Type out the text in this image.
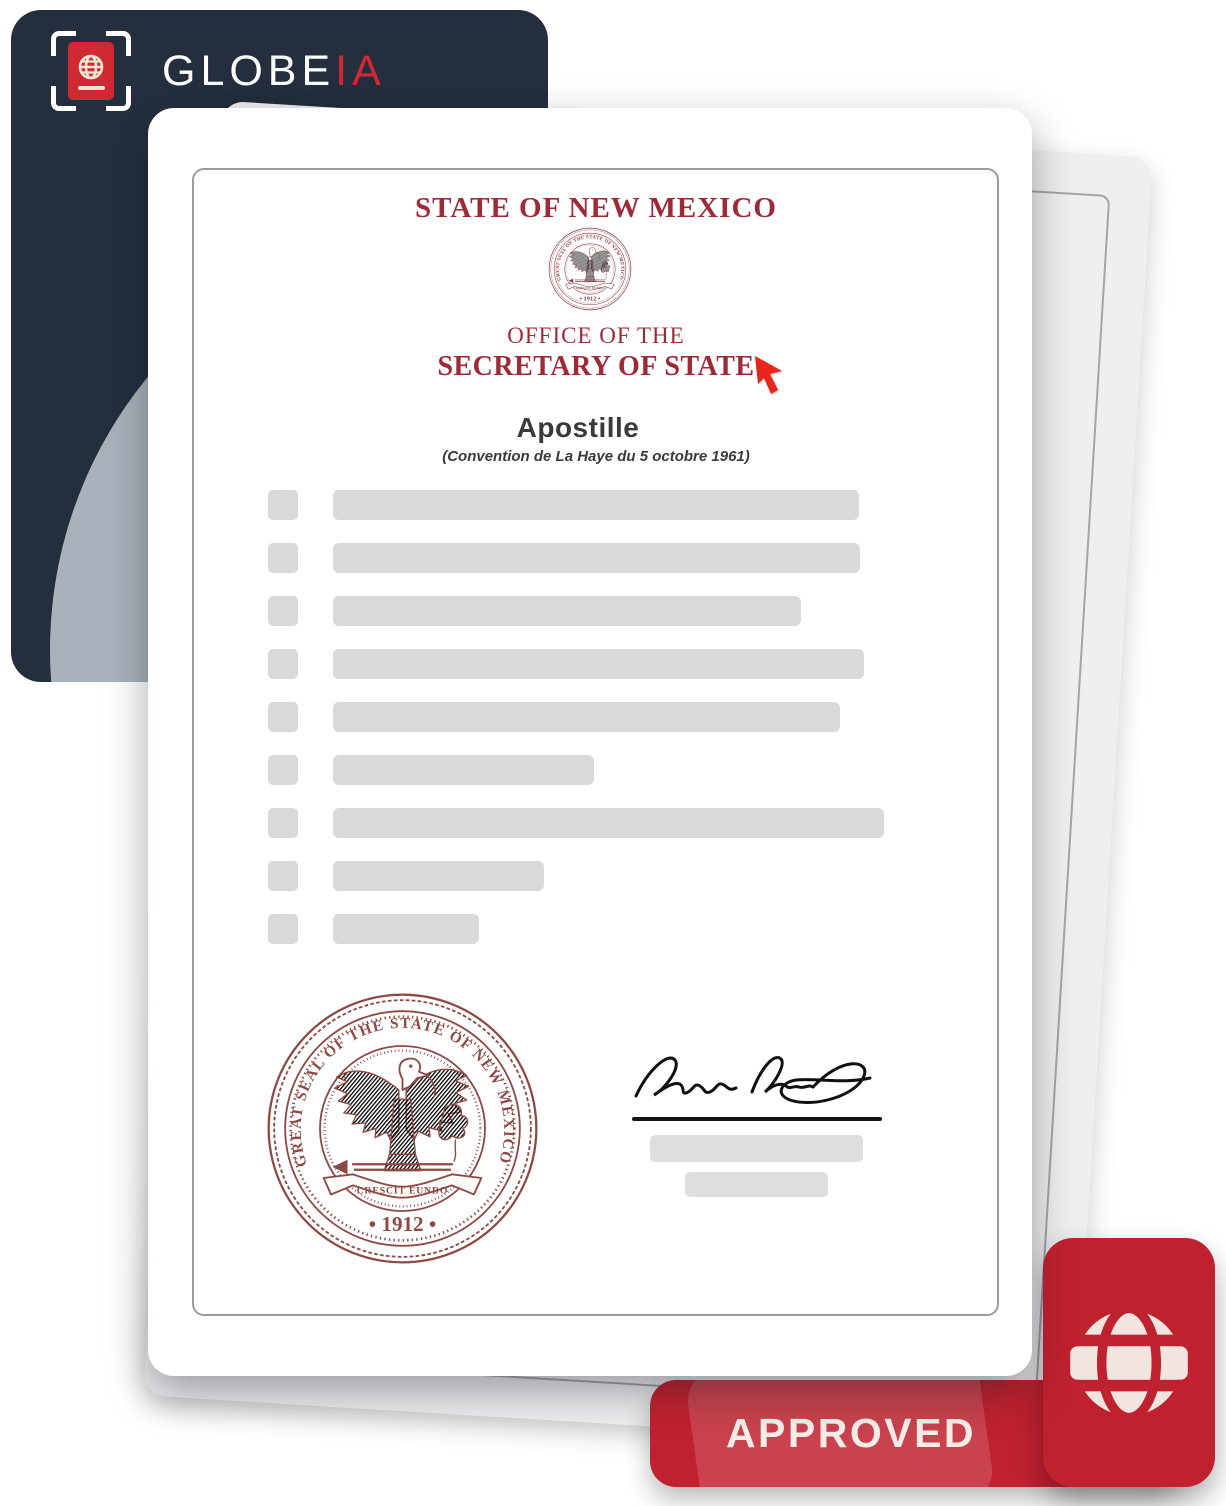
GLOBEIA
APPROVED
STATE OF NEW MEXICO
OFFICE OF THE
SECRETARY OF STATE
Apostille
(Convention de La Haye du 5 octobre 1961)
